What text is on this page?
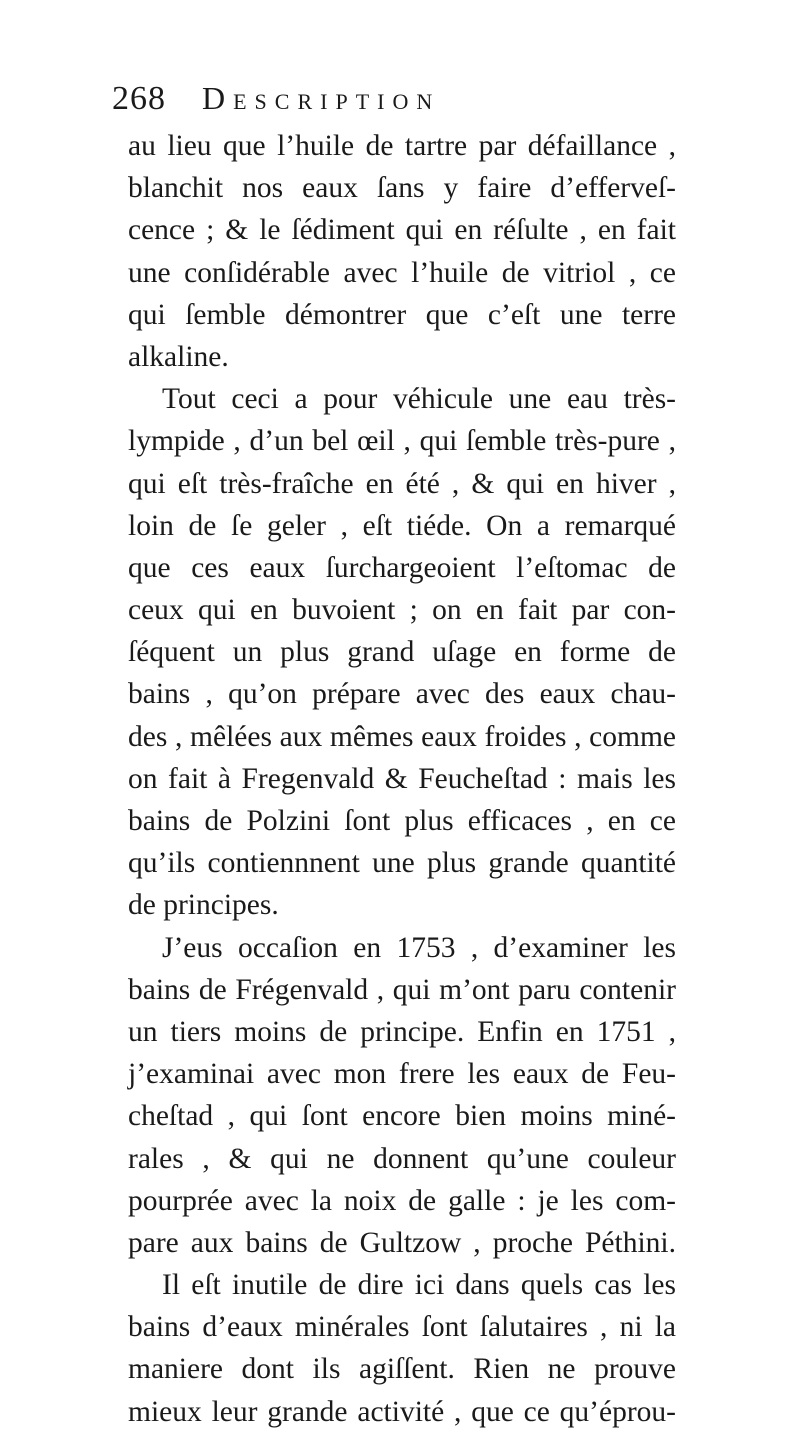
268 Description
au lieu que l’huile de tartre par défaillance ,
blanchit nos eaux ſans y faire d’efferveſ-
cence ; & le ſédiment qui en réſulte , en fait
une conſidérable avec l’huile de vitriol , ce
qui ſemble démontrer que c’eſt une terre
alkaline.
Tout ceci a pour véhicule une eau très-
lympide , d’un bel œil , qui ſemble très-pure ,
qui eſt très-fraîche en été , & qui en hiver ,
loin de ſe geler , eſt tiéde. On a remarqué
que ces eaux ſurchargeoient l’eſtomac de
ceux qui en buvoient ; on en fait par con-
ſéquent un plus grand uſage en forme de
bains , qu’on prépare avec des eaux chau-
des , mêlées aux mêmes eaux froides , comme
on fait à Fregenvald & Feucheſtad : mais les
bains de Polzini ſont plus efficaces , en ce
qu’ils contiennnent une plus grande quantité
de principes.
J’eus occaſion en 1753 , d’examiner les
bains de Frégenvald , qui m’ont paru contenir
un tiers moins de principe. Enfin en 1751 ,
j’examinai avec mon frere les eaux de Feu-
cheſtad , qui ſont encore bien moins miné-
rales , & qui ne donnent qu’une couleur
pourprée avec la noix de galle : je les com-
pare aux bains de Gultzow , proche Péthini.
Il eſt inutile de dire ici dans quels cas les
bains d’eaux minérales ſont ſalutaires , ni la
maniere dont ils agiſſent. Rien ne prouve
mieux leur grande activité , que ce qu’éprou-
